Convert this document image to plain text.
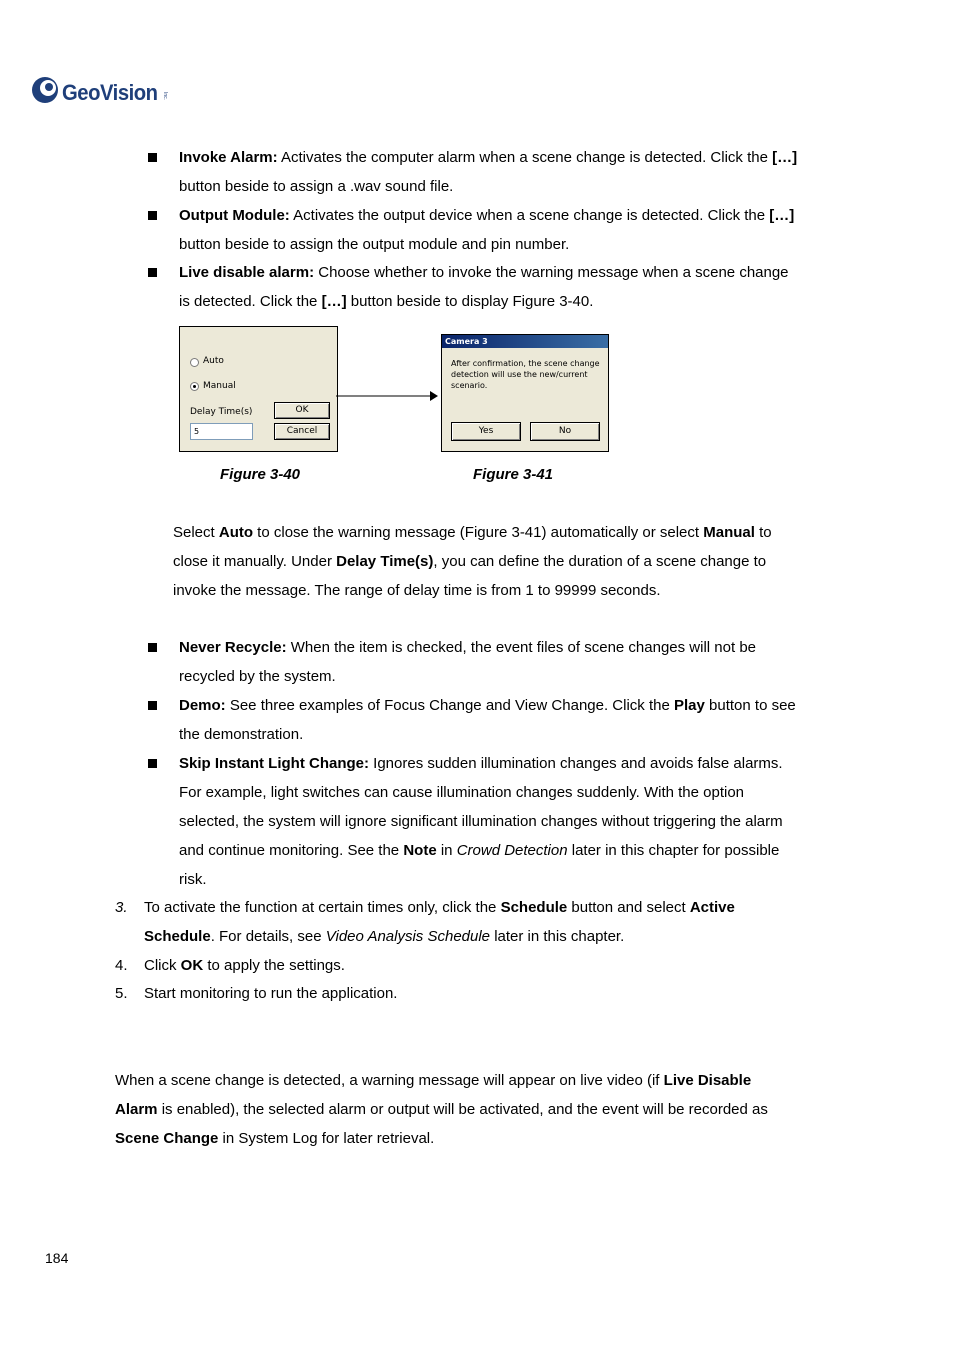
GeoVision Inc.
Invoke Alarm: Activates the computer alarm when a scene change is detected. Click the […]
button beside to assign a .wav sound file.
Output Module: Activates the output device when a scene change is detected. Click the […]
button beside to assign the output module and pin number.
Live disable alarm: Choose whether to invoke the warning message when a scene change
is detected. Click the […] button beside to display Figure 3-40.
Auto
Manual
Delay Time(s)
5
OK
Cancel
Camera 3
After confirmation, the scene change
detection will use the new/current
scenario.
Yes	No
Figure 3-40	Figure 3-41
Select Auto to close the warning message (Figure 3-41) automatically or select Manual to
close it manually. Under Delay Time(s), you can define the duration of a scene change to
invoke the message. The range of delay time is from 1 to 99999 seconds.
Never Recycle: When the item is checked, the event files of scene changes will not be
recycled by the system.
Demo: See three examples of Focus Change and View Change. Click the Play button to see
the demonstration.
Skip Instant Light Change: Ignores sudden illumination changes and avoids false alarms.
For example, light switches can cause illumination changes suddenly. With the option
selected, the system will ignore significant illumination changes without triggering the alarm
and continue monitoring. See the Note in Crowd Detection later in this chapter for possible
risk.
3. To activate the function at certain times only, click the Schedule button and select Active
Schedule. For details, see Video Analysis Schedule later in this chapter.
4. Click OK to apply the settings.
5. Start monitoring to run the application.
When a scene change is detected, a warning message will appear on live video (if Live Disable
Alarm is enabled), the selected alarm or output will be activated, and the event will be recorded as
Scene Change in System Log for later retrieval.
184
